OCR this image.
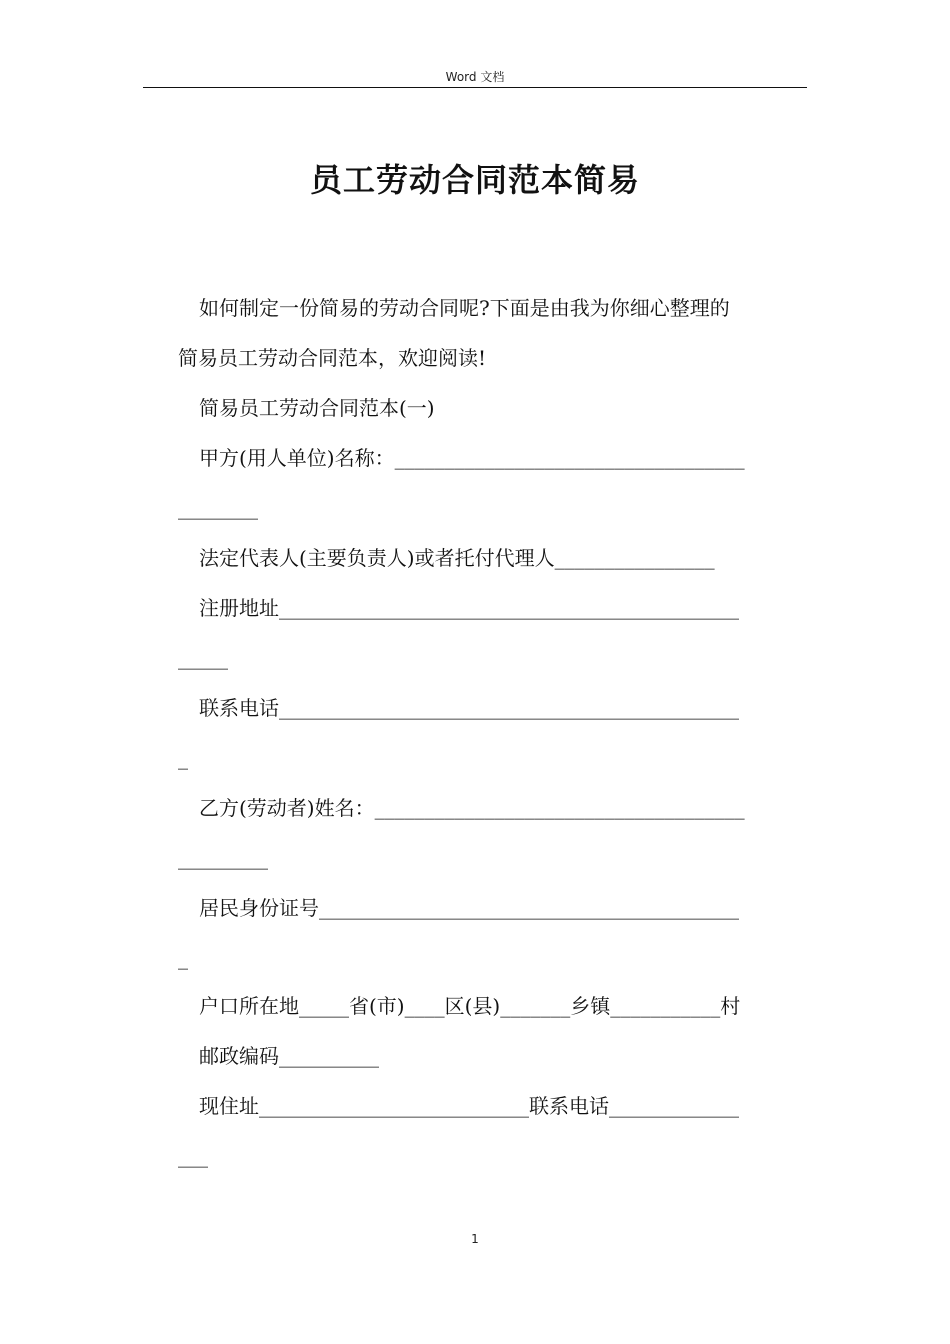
Word 文档
员工劳动合同范本简易
如何制定一份简易的劳动合同呢?下面是由我为你细心整理的
简易员工劳动合同范本，欢迎阅读!
简易员工劳动合同范本(一)
甲方(用人单位)名称：___________________________________
________
法定代表人(主要负责人)或者托付代理人________________
注册地址______________________________________________
_____
联系电话______________________________________________
_
乙方(劳动者)姓名：_____________________________________
_________
居民身份证号__________________________________________
_
户口所在地_____省(市)____区(县)_______乡镇___________村
邮政编码__________
现住址___________________________联系电话_____________
___
1
